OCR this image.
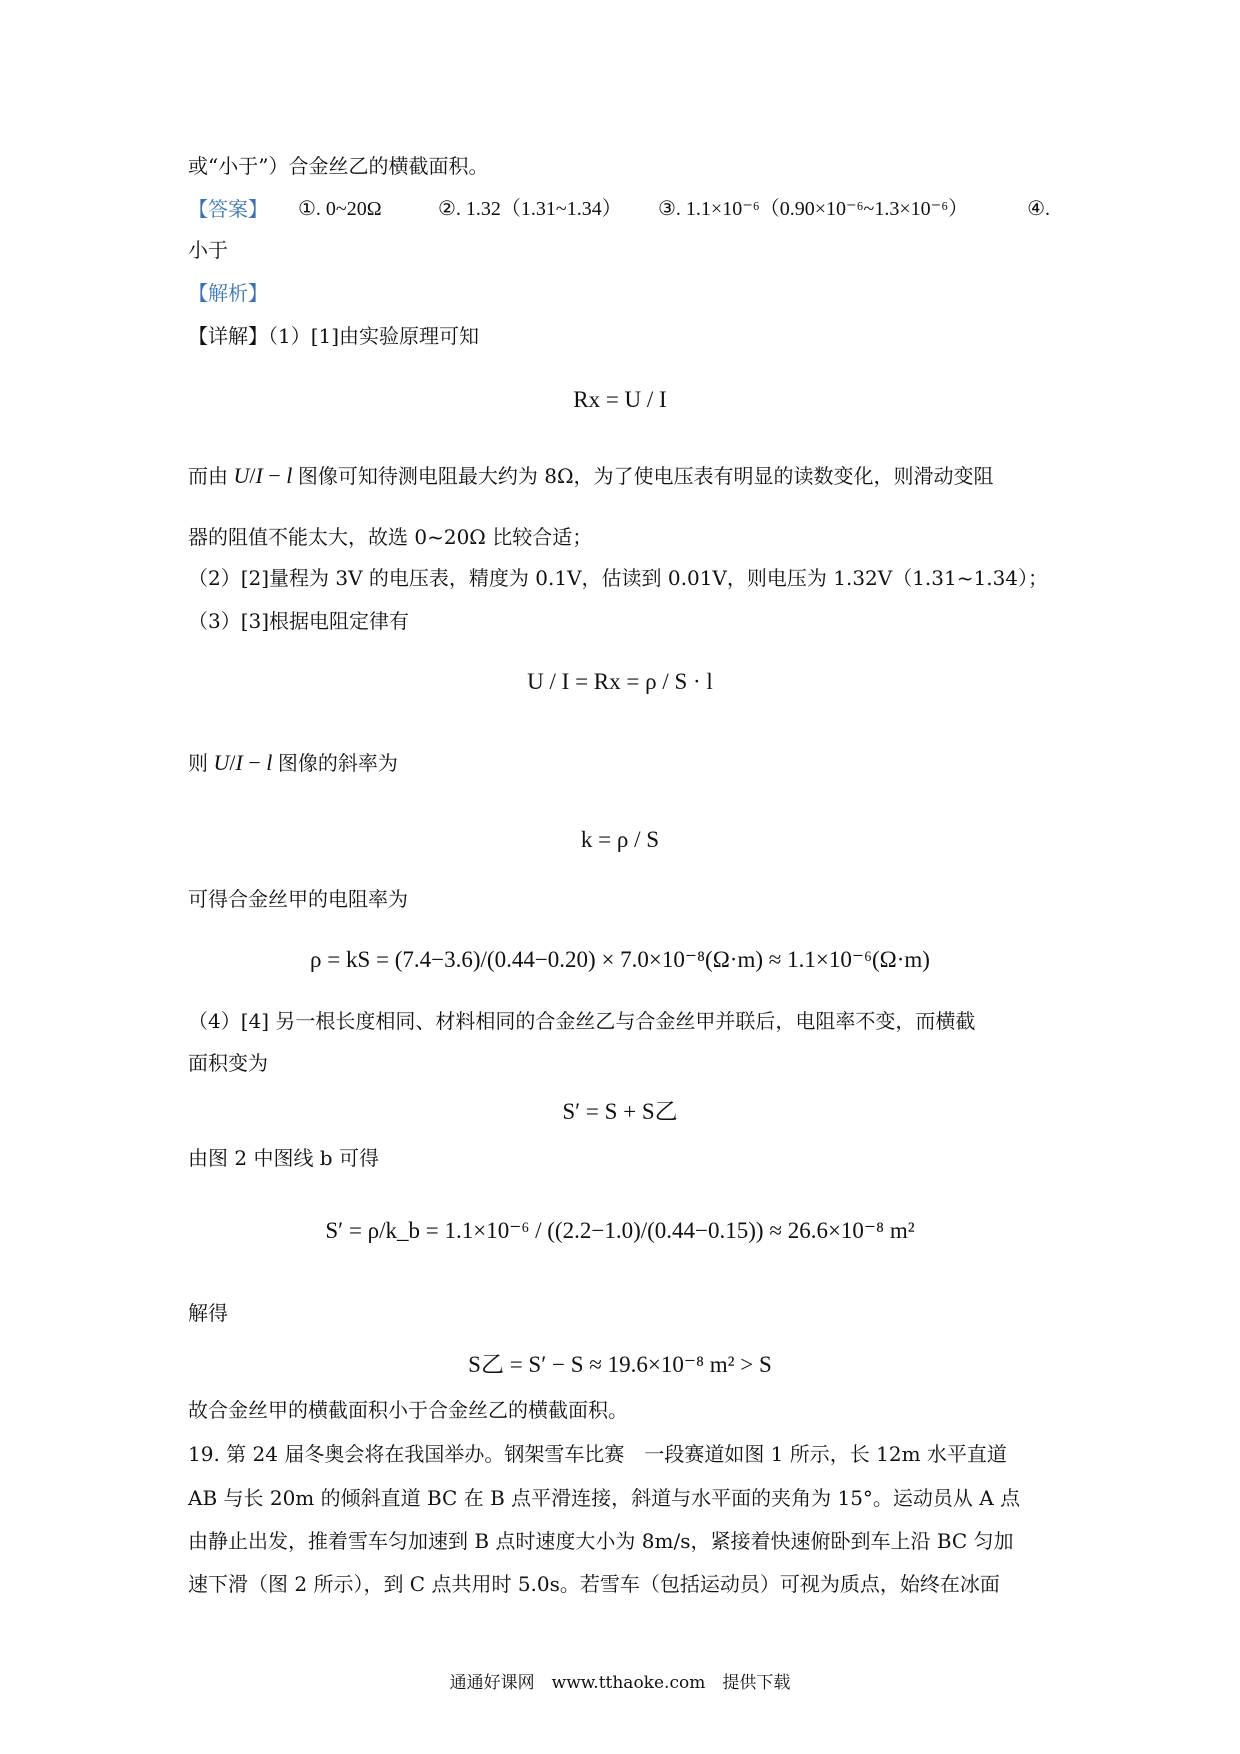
或“小于”）合金丝乙的横截面积。
【答案】 ①. 0~20Ω	②. 1.32（1.31~1.34） ③. 1.1×10⁻⁶（0.90×10⁻⁶~1.3×10⁻⁶）	④.
小于
【解析】
【详解】（1）[1]由实验原理可知
Rx = U / I
而由 U/I − l 图像可知待测电阻最大约为 8Ω，为了使电压表有明显的读数变化，则滑动变阻
器的阻值不能太大，故选 0~20Ω 比较合适；
（2）[2]量程为 3V 的电压表，精度为 0.1V，估读到 0.01V，则电压为 1.32V（1.31~1.34）；
（3）[3]根据电阻定律有
U / I = Rx = ρ / S · l
则 U/I − l 图像的斜率为
k = ρ / S
可得合金丝甲的电阻率为
ρ = kS = (7.4−3.6)/(0.44−0.20) × 7.0×10⁻⁸(Ω·m) ≈ 1.1×10⁻⁶(Ω·m)
（4）[4] 另一根长度相同、材料相同的合金丝乙与合金丝甲并联后，电阻率不变，而横截
面积变为
S′ = S + S乙
由图 2 中图线 b 可得
S′ = ρ/k_b = 1.1×10⁻⁶ / ((2.2−1.0)/(0.44−0.15)) ≈ 26.6×10⁻⁸ m²
解得
S乙 = S′ − S ≈ 19.6×10⁻⁸ m² > S
故合金丝甲的横截面积小于合金丝乙的横截面积。
19. 第 24 届冬奥会将在我国举办。钢架雪车比赛　一段赛道如图 1 所示，长 12m 水平直道
AB 与长 20m 的倾斜直道 BC 在 B 点平滑连接，斜道与水平面的夹角为 15°。运动员从 A 点
由静止出发，推着雪车匀加速到 B 点时速度大小为 8m/s，紧接着快速俯卧到车上沿 BC 匀加
速下滑（图 2 所示），到 C 点共用时 5.0s。若雪车（包括运动员）可视为质点，始终在冰面
通通好课网　www.tthaoke.com　提供下载
